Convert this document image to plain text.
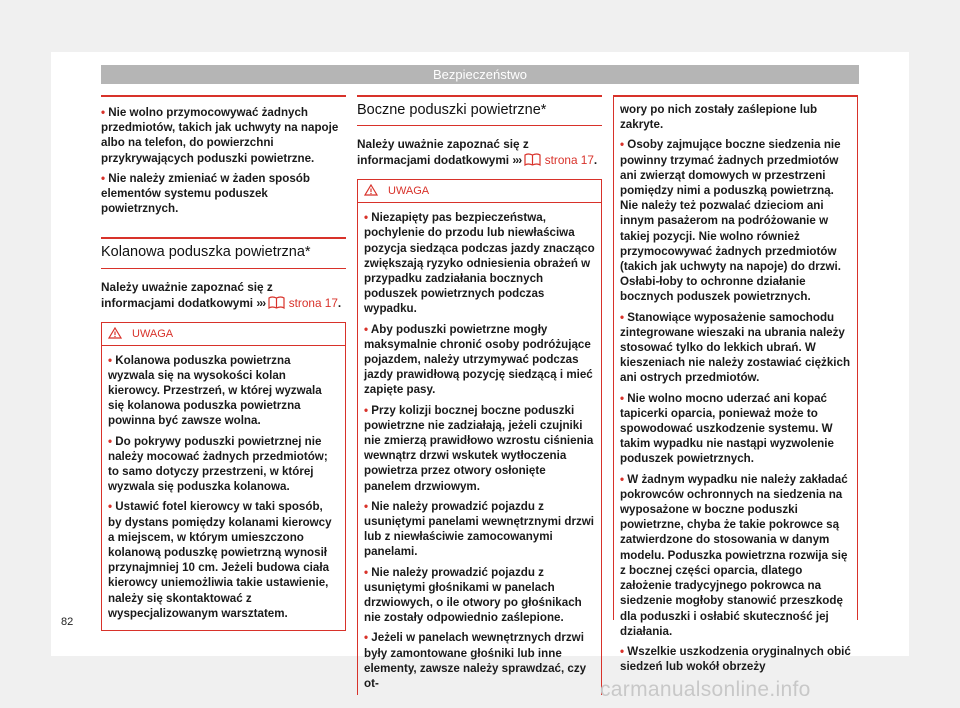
Bezpieczeństwo

• Nie wolno przymocowywać żadnych przedmiotów, takich jak uchwyty na napoje albo na telefon, do powierzchni przykrywających poduszki powietrzne.

• Nie należy zmieniać w żaden sposób elementów systemu poduszek powietrznych.

Kolanowa poduszka powietrzna*

Należy uważnie zapoznać się z informacjami dodatkowymi ››› strona 17.

UWAGA

• Kolanowa poduszka powietrzna wyzwala się na wysokości kolan kierowcy. Przestrzeń, w której wyzwala się kolanowa poduszka powietrzna powinna być zawsze wolna.

• Do pokrywy poduszki powietrznej nie należy mocować żadnych przedmiotów; to samo dotyczy przestrzeni, w której wyzwala się poduszka kolanowa.

• Ustawić fotel kierowcy w taki sposób, by dystans pomiędzy kolanami kierowcy a miejscem, w którym umieszczono kolanową poduszkę powietrzną wynosił przynajmniej 10 cm. Jeżeli budowa ciała kierowcy uniemożliwia takie ustawienie, należy się skontaktować z wyspecjalizowanym warsztatem.

Boczne poduszki powietrzne*

Należy uważnie zapoznać się z informacjami dodatkowymi ››› strona 17.

UWAGA

• Niezapięty pas bezpieczeństwa, pochylenie do przodu lub niewłaściwa pozycja siedząca podczas jazdy znacząco zwiększają ryzyko odniesienia obrażeń w przypadku zadziałania bocznych poduszek powietrznych podczas wypadku.

• Aby poduszki powietrzne mogły maksymalnie chronić osoby podróżujące pojazdem, należy utrzymywać podczas jazdy prawidłową pozycję siedzącą i mieć zapięte pasy.

• Przy kolizji bocznej boczne poduszki powietrzne nie zadziałają, jeżeli czujniki nie zmierzą prawidłowo wzrostu ciśnienia wewnątrz drzwi wskutek wytłoczenia powietrza przez otwory osłonięte panelem drzwiowym.

• Nie należy prowadzić pojazdu z usuniętymi panelami wewnętrznymi drzwi lub z niewłaściwie zamocowanymi panelami.

• Nie należy prowadzić pojazdu z usuniętymi głośnikami w panelach drzwiowych, o ile otwory po głośnikach nie zostały odpowiednio zaślepione.

• Jeżeli w panelach wewnętrznych drzwi były zamontowane głośniki lub inne elementy, zawsze należy sprawdzać, czy ot-

wory po nich zostały zaślepione lub zakryte.

• Osoby zajmujące boczne siedzenia nie powinny trzymać żadnych przedmiotów ani zwierząt domowych w przestrzeni pomiędzy nimi a poduszką powietrzną. Nie należy też pozwalać dzieciom ani innym pasażerom na podróżowanie w takiej pozycji. Nie wolno również przymocowywać żadnych przedmiotów (takich jak uchwyty na napoje) do drzwi. Osłabi-łoby to ochronne działanie bocznych poduszek powietrznych.

• Stanowiące wyposażenie samochodu zintegrowane wieszaki na ubrania należy stosować tylko do lekkich ubrań. W kieszeniach nie należy zostawiać ciężkich ani ostrych przedmiotów.

• Nie wolno mocno uderzać ani kopać tapicerki oparcia, ponieważ może to spowodować uszkodzenie systemu. W takim wypadku nie nastąpi wyzwolenie poduszek powietrznych.

• W żadnym wypadku nie należy zakładać pokrowców ochronnych na siedzenia na wyposażone w boczne poduszki powietrzne, chyba że takie pokrowce są zatwierdzone do stosowania w danym modelu. Poduszka powietrzna rozwija się z bocznej części oparcia, dlatego założenie tradycyjnego pokrowca na siedzenie mogłoby stanowić przeszkodę dla poduszki i osłabić skuteczność jej działania.

• Wszelkie uszkodzenia oryginalnych obić siedzeń lub wokół obrzeży

82
carmanualsonline.info
